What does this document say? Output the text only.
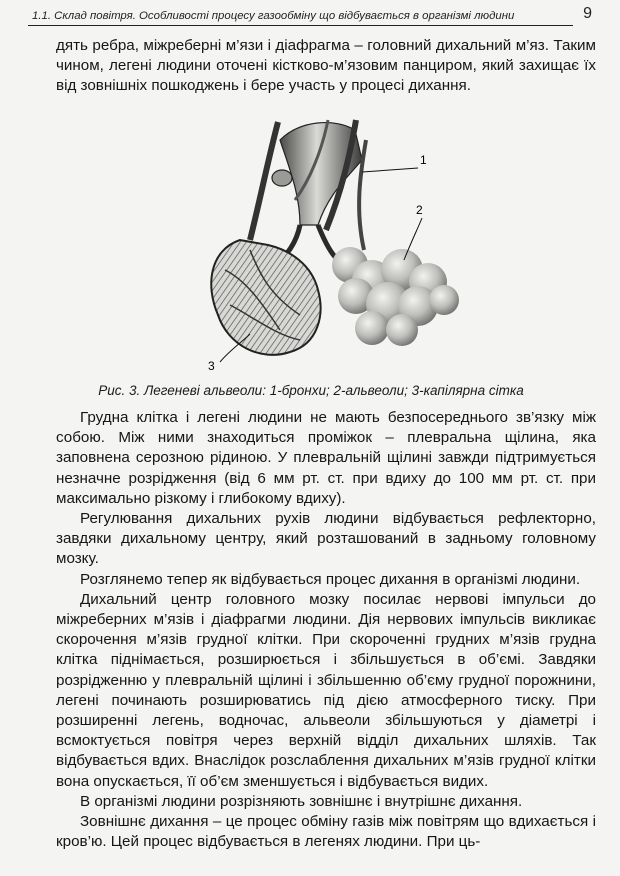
1.1. Склад повітря. Особливості процесу газообміну що відбувається в організмі людини	9

дять ребра, міжреберні м’язи і діафрагма – головний дихальний м’яз. Таким чином, легені людини оточені кістково-м’язовим панциром, який захищає їх від зовнішніх пошкоджень і бере участь у процесі дихання.

1
2
3
Рис. 3. Легеневі альвеоли: 1-бронхи; 2-альвеоли; 3-капілярна сітка

Грудна клітка і легені людини не мають безпосереднього зв’язку між собою. Між ними знаходиться проміжок – плевральна щілина, яка заповнена серозною рідиною. У плевральній щілині завжди підтримується незначне розрідження (від 6 мм рт. ст. при вдиху до 100 мм рт. ст. при максимально різкому і глибокому вдиху).

Регулювання дихальних рухів людини відбувається рефлекторно, завдяки дихальному центру, який розташований в задньому головному мозку.

Розглянемо тепер як відбувається процес дихання в організмі людини.

Дихальний центр головного мозку посилає нервові імпульси до міжреберних м’язів і діафрагми людини. Дія нервових імпульсів викликає скорочення м’язів грудної клітки. При скороченні грудних м’язів грудна клітка піднімається, розширюється і збільшується в об’ємі. Завдяки розрідженню у плевральній щілині і збільшенню об’єму грудної порожнини, легені починають розширюватись під дією атмосферного тиску. При розширенні легень, водночас, альвеоли збільшуються у діаметрі і всмоктується повітря через верхній відділ дихальних шляхів. Так відбувається вдих. Внаслідок розслаблення дихальних м’язів грудної клітки вона опускається, її об’єм зменшується і відбувається видих.

В організмі людини розрізняють зовнішнє і внутрішнє дихання.

Зовнішнє дихання – це процес обміну газів між повітрям що вдихається і кров’ю. Цей процес відбувається в легенях людини. При ць-
